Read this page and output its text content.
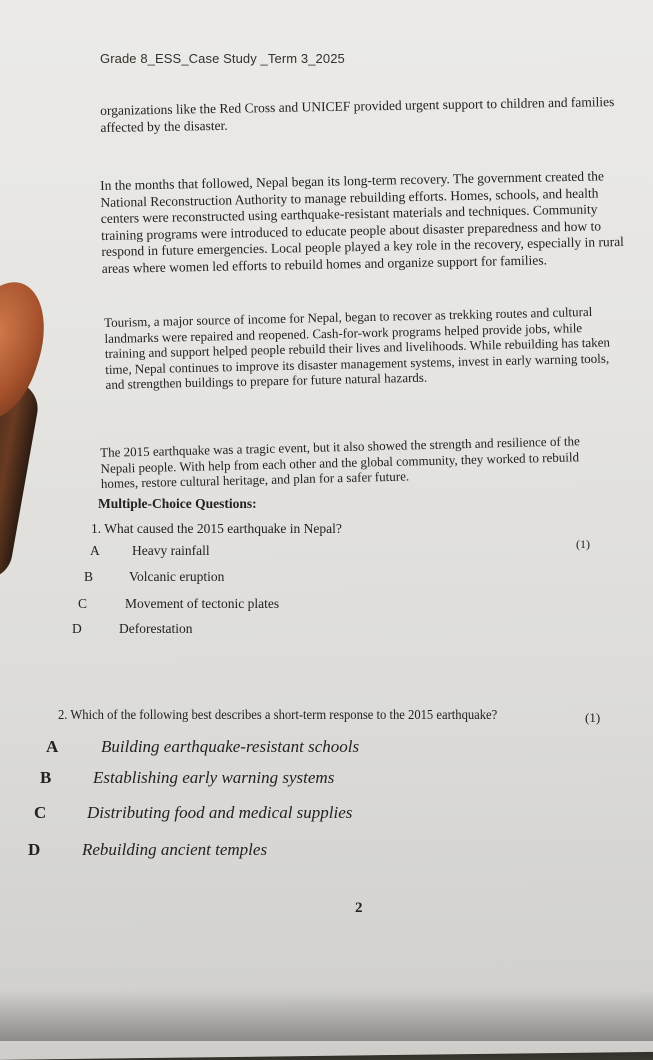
Grade 8_ESS_Case Study _Term 3_2025

organizations like the Red Cross and UNICEF provided urgent support to children and families affected by the disaster.

In the months that followed, Nepal began its long-term recovery. The government created the National Reconstruction Authority to manage rebuilding efforts. Homes, schools, and health centers were reconstructed using earthquake-resistant materials and techniques. Community training programs were introduced to educate people about disaster preparedness and how to respond in future emergencies. Local people played a key role in the recovery, especially in rural areas where women led efforts to rebuild homes and organize support for families.

Tourism, a major source of income for Nepal, began to recover as trekking routes and cultural landmarks were repaired and reopened. Cash-for-work programs helped provide jobs, while training and support helped people rebuild their lives and livelihoods. While rebuilding has taken time, Nepal continues to improve its disaster management systems, invest in early warning tools, and strengthen buildings to prepare for future natural hazards.

The 2015 earthquake was a tragic event, but it also showed the strength and resilience of the Nepali people. With help from each other and the global community, they worked to rebuild homes, restore cultural heritage, and plan for a safer future.

Multiple-Choice Questions:
1. What caused the 2015 earthquake in Nepal?
(1)
A Heavy rainfall
B	Volcanic eruption
C	Movement of tectonic plates
D	Deforestation
2. Which of the following best describes a short-term response to the 2015 earthquake?	(1)
A	Building earthquake-resistant schools
B Establishing early warning systems
C Distributing food and medical supplies
D Rebuilding ancient temples
2
